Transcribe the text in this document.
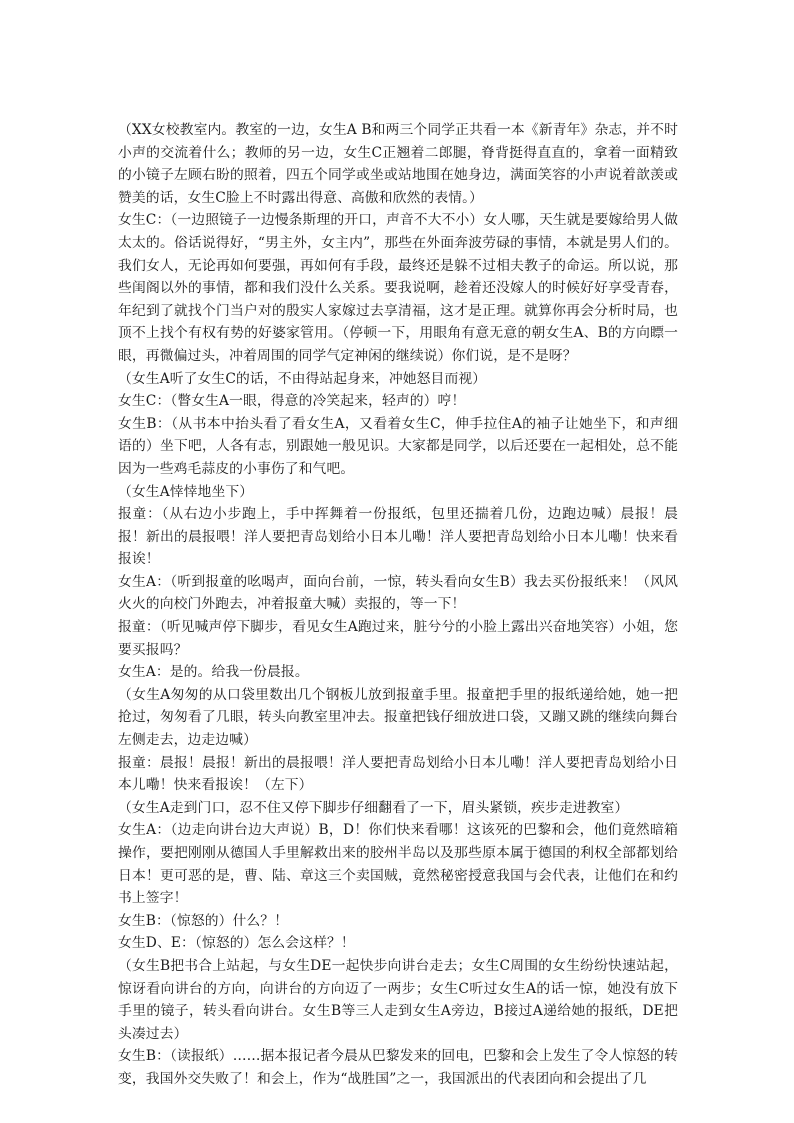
（XX女校教室内。教室的一边，女生A B和两三个同学正共看一本《新青年》杂志，并不时小声的交流着什么；教师的另一边，女生C正翘着二郎腿，脊背挺得直直的，拿着一面精致的小镜子左顾右盼的照着，四五个同学或坐或站地围在她身边，满面笑容的小声说着歆羡或赞美的话，女生C脸上不时露出得意、高傲和欣然的表情。）

女生C：（一边照镜子一边慢条斯理的开口，声音不大不小）女人哪，天生就是要嫁给男人做太太的。俗话说得好，“男主外，女主内”，那些在外面奔波劳碌的事情，本就是男人们的。我们女人，无论再如何要强，再如何有手段，最终还是躲不过相夫教子的命运。所以说，那些闺阁以外的事情，都和我们没什么关系。要我说啊，趁着还没嫁人的时候好好享受青春，年纪到了就找个门当户对的殷实人家嫁过去享清福，这才是正理。就算你再会分析时局，也顶不上找个有权有势的好婆家管用。（停顿一下，用眼角有意无意的朝女生A、B的方向瞟一眼，再微偏过头，冲着周围的同学气定神闲的继续说）你们说，是不是呀？

（女生A听了女生C的话，不由得站起身来，冲她怒目而视）

女生C：（瞥女生A一眼，得意的冷笑起来，轻声的）哼！

女生B：（从书本中抬头看了看女生A，又看着女生C，伸手拉住A的袖子让她坐下，和声细语的）坐下吧，人各有志，别跟她一般见识。大家都是同学，以后还要在一起相处，总不能因为一些鸡毛蒜皮的小事伤了和气吧。

（女生A悻悻地坐下）

报童：（从右边小步跑上，手中挥舞着一份报纸，包里还揣着几份，边跑边喊）晨报！晨报！新出的晨报喂！洋人要把青岛划给小日本儿嘞！洋人要把青岛划给小日本儿嘞！快来看报诶！

女生A：（听到报童的吆喝声，面向台前，一惊，转头看向女生B）我去买份报纸来！（风风火火的向校门外跑去，冲着报童大喊）卖报的，等一下！

报童：（听见喊声停下脚步，看见女生A跑过来，脏兮兮的小脸上露出兴奋地笑容）小姐，您要买报吗？

女生A：是的。给我一份晨报。

（女生A匆匆的从口袋里数出几个钢板儿放到报童手里。报童把手里的报纸递给她，她一把抢过，匆匆看了几眼，转头向教室里冲去。报童把钱仔细放进口袋，又蹦又跳的继续向舞台左侧走去，边走边喊）

报童：晨报！晨报！新出的晨报喂！洋人要把青岛划给小日本儿嘞！洋人要把青岛划给小日本儿嘞！快来看报诶！（左下）

（女生A走到门口，忍不住又停下脚步仔细翻看了一下，眉头紧锁，疾步走进教室）

女生A：（边走向讲台边大声说）B，D！你们快来看哪！这该死的巴黎和会，他们竟然暗箱操作，要把刚刚从德国人手里解救出来的胶州半岛以及那些原本属于德国的利权全部都划给日本！更可恶的是，曹、陆、章这三个卖国贼，竟然秘密授意我国与会代表，让他们在和约书上签字！

女生B：（惊怒的）什么？！

女生D、E：（惊怒的）怎么会这样？！

（女生B把书合上站起，与女生DE一起快步向讲台走去；女生C周围的女生纷纷快速站起，惊讶看向讲台的方向，向讲台的方向迈了一两步；女生C听过女生A的话一惊，她没有放下手里的镜子，转头看向讲台。女生B等三人走到女生A旁边，B接过A递给她的报纸，DE把头凑过去）

女生B：（读报纸）……据本报记者今晨从巴黎发来的回电，巴黎和会上发生了令人惊怒的转变，我国外交失败了！和会上，作为“战胜国”之一，我国派出的代表团向和会提出了几
